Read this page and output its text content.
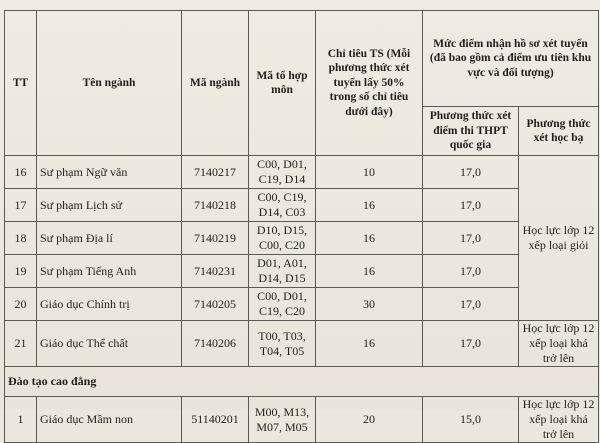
TT	Tên ngành	Mã ngành	Mã tổ hợp môn	Chỉ tiêu TS (Mỗi phương thức xét tuyển lấy 50% trong số chỉ tiêu dưới đây)	Mức điểm nhận hồ sơ xét tuyển (đã bao gồm cả điểm ưu tiên khu vực và đối tượng)	
					Phương thức xét điểm thi THPT quốc gia	Phương thức xét học bạ
16	Sư phạm Ngữ văn	7140217	C00, D01, C19, D14	10	17,0	Học lực lớp 12 xếp loại giỏi
17	Sư phạm Lịch sử	7140218	C00, C19, D14, C03	16	17,0	
18	Sư phạm Địa lí	7140219	D10, D15, C00, C20	16	17,0	
19	Sư phạm Tiếng Anh	7140231	D01, A01, D14, D15	16	17,0	
20	Giáo dục Chính trị	7140205	C00, D01, C19, C20	30	17,0	
21	Giáo dục Thể chất	7140206	T00, T03, T04, T05	16	17,0	Học lực lớp 12 xếp loại khá trở lên
Đào tạo cao đẳng						
1	Giáo dục Mầm non	51140201	M00, M13, M07, M05	20	15,0	Học lực lớp 12 xếp loại khá trở lên
